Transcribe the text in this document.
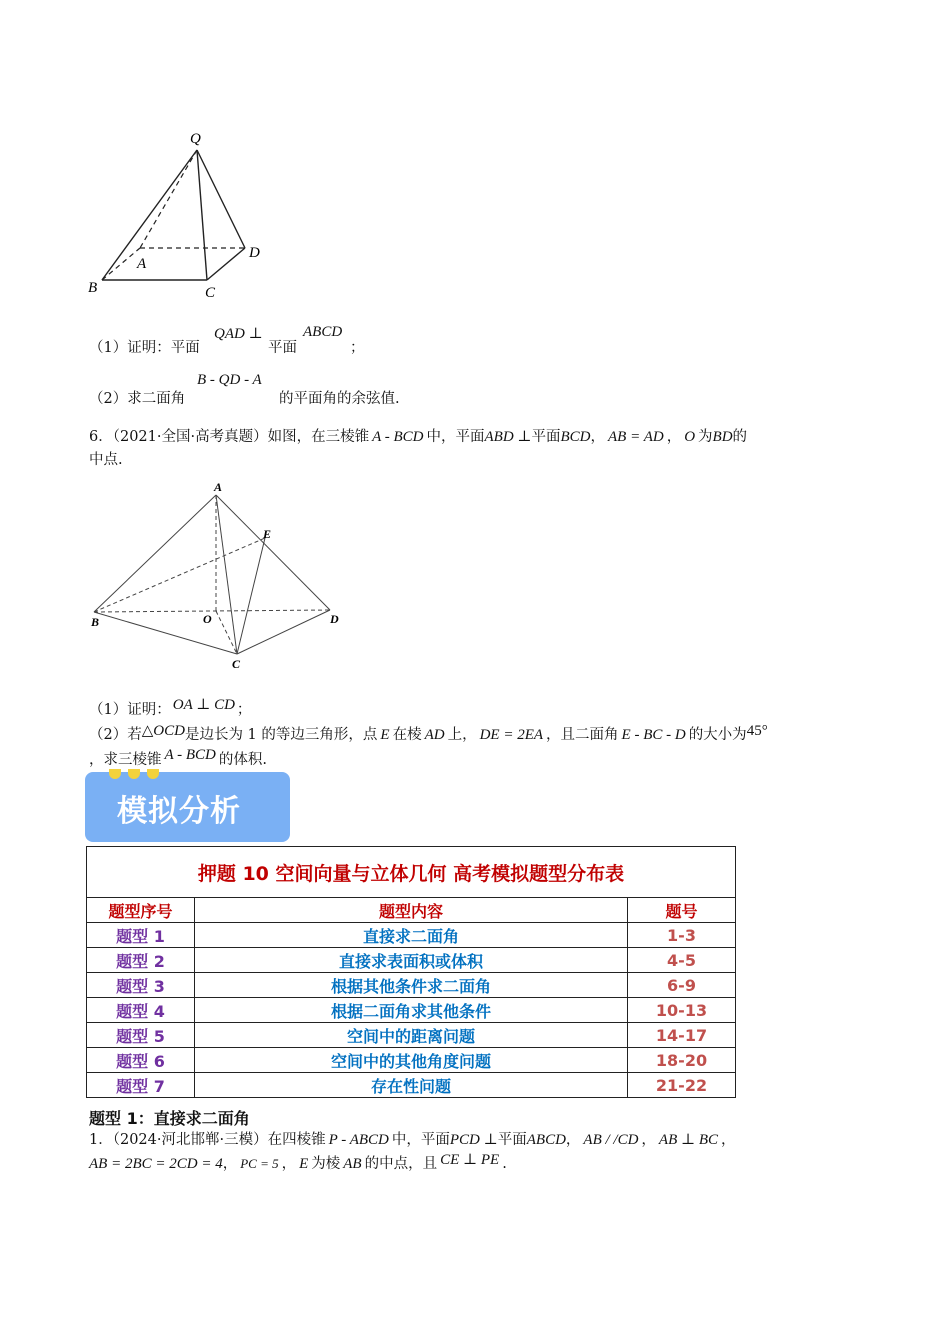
Q
A
B	C
D
（1）证明：平面
QAD ⊥
平面
ABCD
；
（2）求二面角
B - QD - A
的平面角的余弦值.
6．（2021·全国·高考真题）如图，在三棱锥 A - BCD 中，平面ABD ⊥平面BCD， AB = AD ， O 为BD的
中点.
A
E
B	O	D
C
（1）证明： OA ⊥ CD ；
（2）若△OCD是边长为 1 的等边三角形，点 E 在棱 AD 上， DE = 2EA ，且二面角 E - BC - D 的大小为45°
，求三棱锥 A - BCD 的体积.
模拟分析
押题 10 空间向量与立体几何 高考模拟题型分布表		
题型序号	题型内容	题号
题型 1	直接求二面角	1-3
题型 2	直接求表面积或体积	4-5
题型 3	根据其他条件求二面角	6-9
题型 4	根据二面角求其他条件	10-13
题型 5	空间中的距离问题	14-17
题型 6	空间中的其他角度问题	18-20
题型 7	存在性问题	21-22
题型 1：直接求二面角
1．（2024·河北邯郸·三模）在四棱锥 P - ABCD 中，平面PCD ⊥平面ABCD， AB / /CD ， AB ⊥ BC ，
AB = 2BC = 2CD = 4， PC = 5 ， E 为棱 AB 的中点，且 CE ⊥ PE .
